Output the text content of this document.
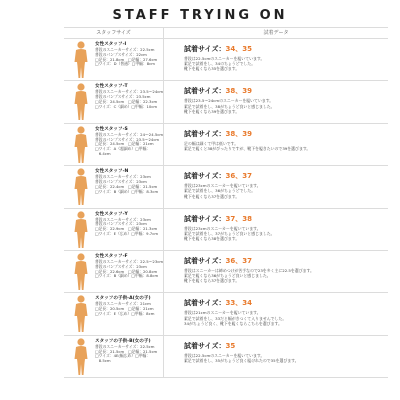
STAFF TRYING ON
スタッフサイズ	試着データ
女性スタッフ-I
普段のスニーカーサイズ：22.5cm
普段のパンプスサイズ：22cm
□足長：21.8cm　□足幅：27.6cm
□ワイズ：D（普通）□甲幅：8cm
試着サイズ：34、35
普段は22.5cmのスニーカーを履いています。
素足で試着をし、34のちょうどでした。
靴下を履くなら35を選びます。
女性スタッフ-T
普段のスニーカーサイズ：23.5〜24cm
普段のパンプスサイズ：23.5cm
□足長：24.5cm　□足幅：22.3cm
□ワイズ：C（細め）□甲幅：10cm
試着サイズ：38、39
普段は23.5〜24cmのスニーカーを履いています。
素足で試着をし、38がちょうど良いと感じました。
靴下を履くなら39を選びます。
女性スタッフ-S
普段のスニーカーサイズ：24〜24.5cm
普段のパンプスサイズ：23.5〜24cm
□足長：24.5cm　□足幅：21cm
□ワイズ：A（超細め）□甲幅：
　6.4cm
試着サイズ：38、39
足の幅は細くて甲は低いです。
素足で履くと38がぴったりですが、靴下を履きたいので39を選びます。
女性スタッフ-N
普段のスニーカーサイズ：23cm
普段のパンプスサイズ：23cm
□足長：22.4cm　□足幅：21.5cm
□ワイズ：B（細め）□甲幅：8.3cm
試着サイズ：36、37
普段は23cmのスニーカーを履いています。
素足で試着をし、36がちょうどでした。
靴下を履くなら37を選びます。
女性スタッフ-Y
普段のスニーカーサイズ：23cm
普段のパンプスサイズ：23cm
□足長：22.9cm　□足幅：21.3cm
□ワイズ：E（広め）□甲幅：9.7cm
試着サイズ：37、38
普段は23cmのスニーカーを履いています。
素足で試着をし、37がちょうど良いと感じました。
靴下を履くなら38を選びます。
女性スタッフ-F
普段のスニーカーサイズ：22.5〜23cm
普段のパンプスサイズ：23cm
□足長：22.6cm　□足幅：20.8cm
□ワイズ：B（細め）□甲幅：8.8cm
試着サイズ：36、37
普段はスニーカーは締めつけが苦手なので23を多く主に22.5を選びます。
素足で履くなら36がちょうど良いと感じました。
靴下を履くなら37を選びます。
スタッフの子供-A(女の子)
普段のスニーカーサイズ：21cm
□足長：20.5cm　□足幅：21cm
□ワイズ：E（広め）□甲幅：8cm
試着サイズ：33、34
普段は21cmのスニーカーを履いています。
素足で試着をし、33だと幅がきつくて入りませんでした。
34がちょうど良く、靴下を履くならこちらを選びます。
スタッフの子供-B(女の子)
普段のスニーカーサイズ：22.5cm
□足長：21.5cm　□足幅：21.5cm
□ワイズ：4E(幅広め）□甲幅：
　8.5cm
試着サイズ：35
普段は22.5cmのスニーカーを履いています。
素足で試着をし、35がちょうど良く履けれたので35を選びます。
